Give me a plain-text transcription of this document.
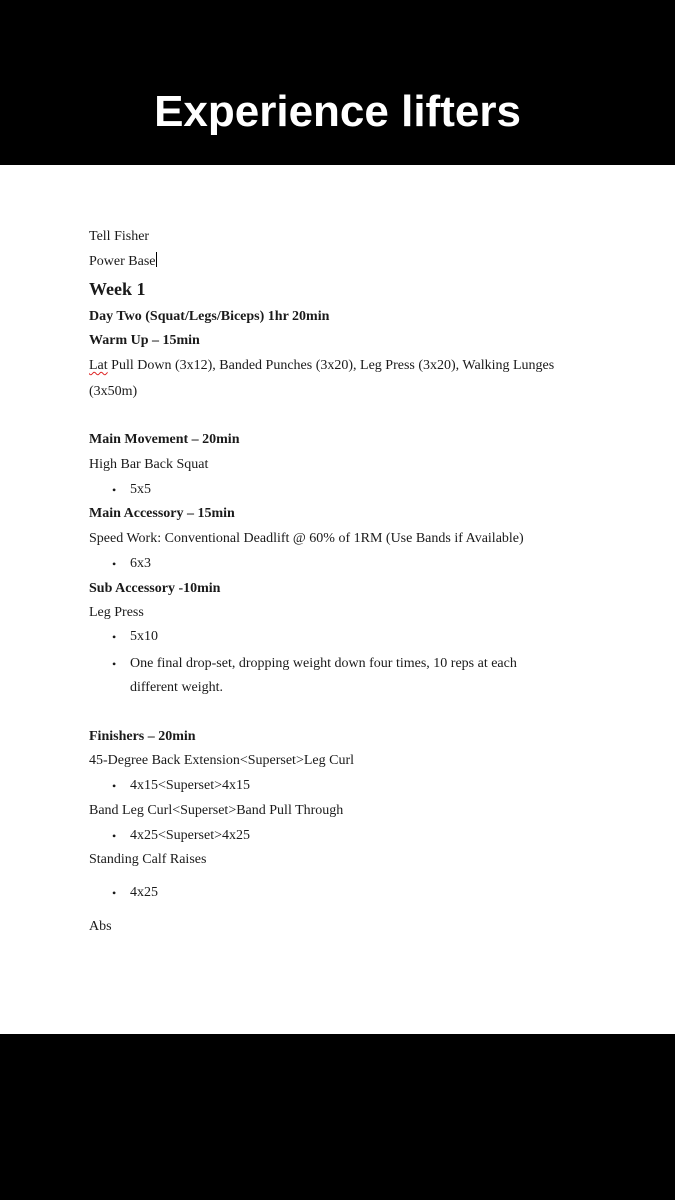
Experience lifters
Tell Fisher
Power Base
Week 1
Day Two (Squat/Legs/Biceps) 1hr 20min
Warm Up – 15min
Lat Pull Down (3x12), Banded Punches (3x20), Leg Press (3x20), Walking Lunges
(3x50m)
Main Movement – 20min
High Bar Back Squat
• 5x5
Main Accessory – 15min
Speed Work: Conventional Deadlift @ 60% of 1RM (Use Bands if Available)
• 6x3
Sub Accessory -10min
Leg Press
• 5x10
• One final drop-set, dropping weight down four times, 10 reps at each
different weight.
Finishers – 20min
45-Degree Back Extension<Superset>Leg Curl
• 4x15<Superset>4x15
Band Leg Curl<Superset>Band Pull Through
• 4x25<Superset>4x25
Standing Calf Raises
• 4x25
Abs
